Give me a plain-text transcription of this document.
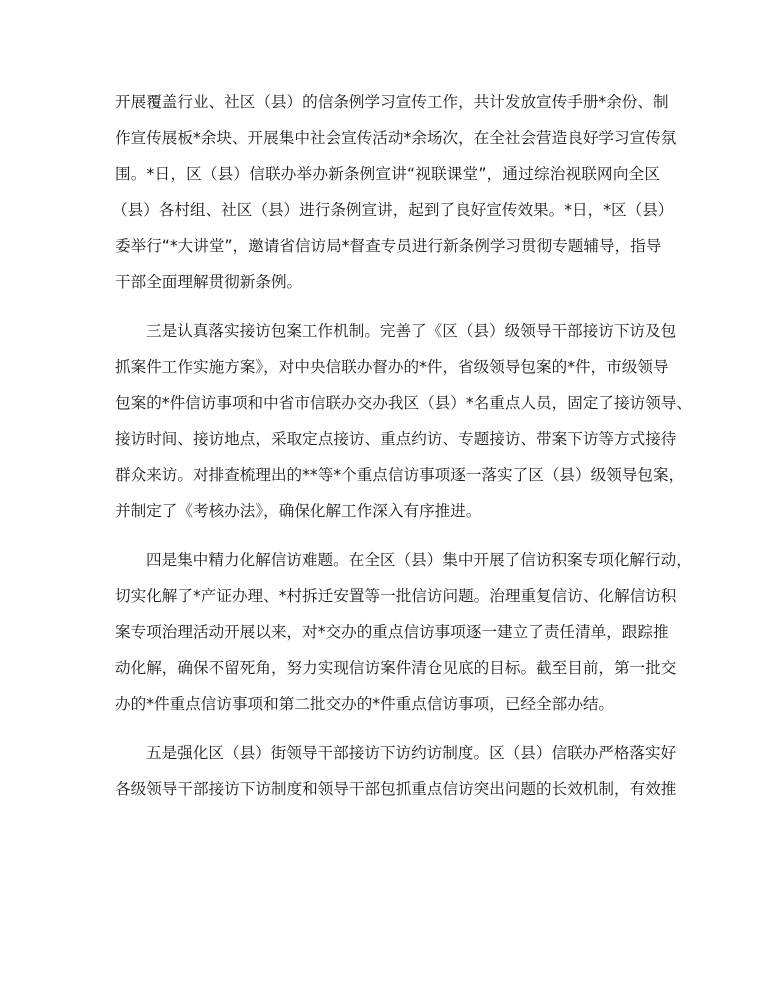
开展覆盖行业、社区（县）的信条例学习宣传工作，共计发放宣传手册*余份、制
作宣传展板*余块、开展集中社会宣传活动*余场次，在全社会营造良好学习宣传氛
围。*日，区（县）信联办举办新条例宣讲“视联课堂”，通过综治视联网向全区
（县）各村组、社区（县）进行条例宣讲，起到了良好宣传效果。*日，*区（县）
委举行“*大讲堂”，邀请省信访局*督查专员进行新条例学习贯彻专题辅导，指导
干部全面理解贯彻新条例。
三是认真落实接访包案工作机制。完善了《区（县）级领导干部接访下访及包
抓案件工作实施方案》，对中央信联办督办的*件，省级领导包案的*件，市级领导
包案的*件信访事项和中省市信联办交办我区（县）*名重点人员，固定了接访领导、
接访时间、接访地点，采取定点接访、重点约访、专题接访、带案下访等方式接待
群众来访。对排查梳理出的**等*个重点信访事项逐一落实了区（县）级领导包案，
并制定了《考核办法》，确保化解工作深入有序推进。
四是集中精力化解信访难题。在全区（县）集中开展了信访积案专项化解行动，
切实化解了*产证办理、*村拆迁安置等一批信访问题。治理重复信访、化解信访积
案专项治理活动开展以来，对*交办的重点信访事项逐一建立了责任清单，跟踪推
动化解，确保不留死角，努力实现信访案件清仓见底的目标。截至目前，第一批交
办的*件重点信访事项和第二批交办的*件重点信访事项，已经全部办结。
五是强化区（县）街领导干部接访下访约访制度。区（县）信联办严格落实好
各级领导干部接访下访制度和领导干部包抓重点信访突出问题的长效机制，有效推
